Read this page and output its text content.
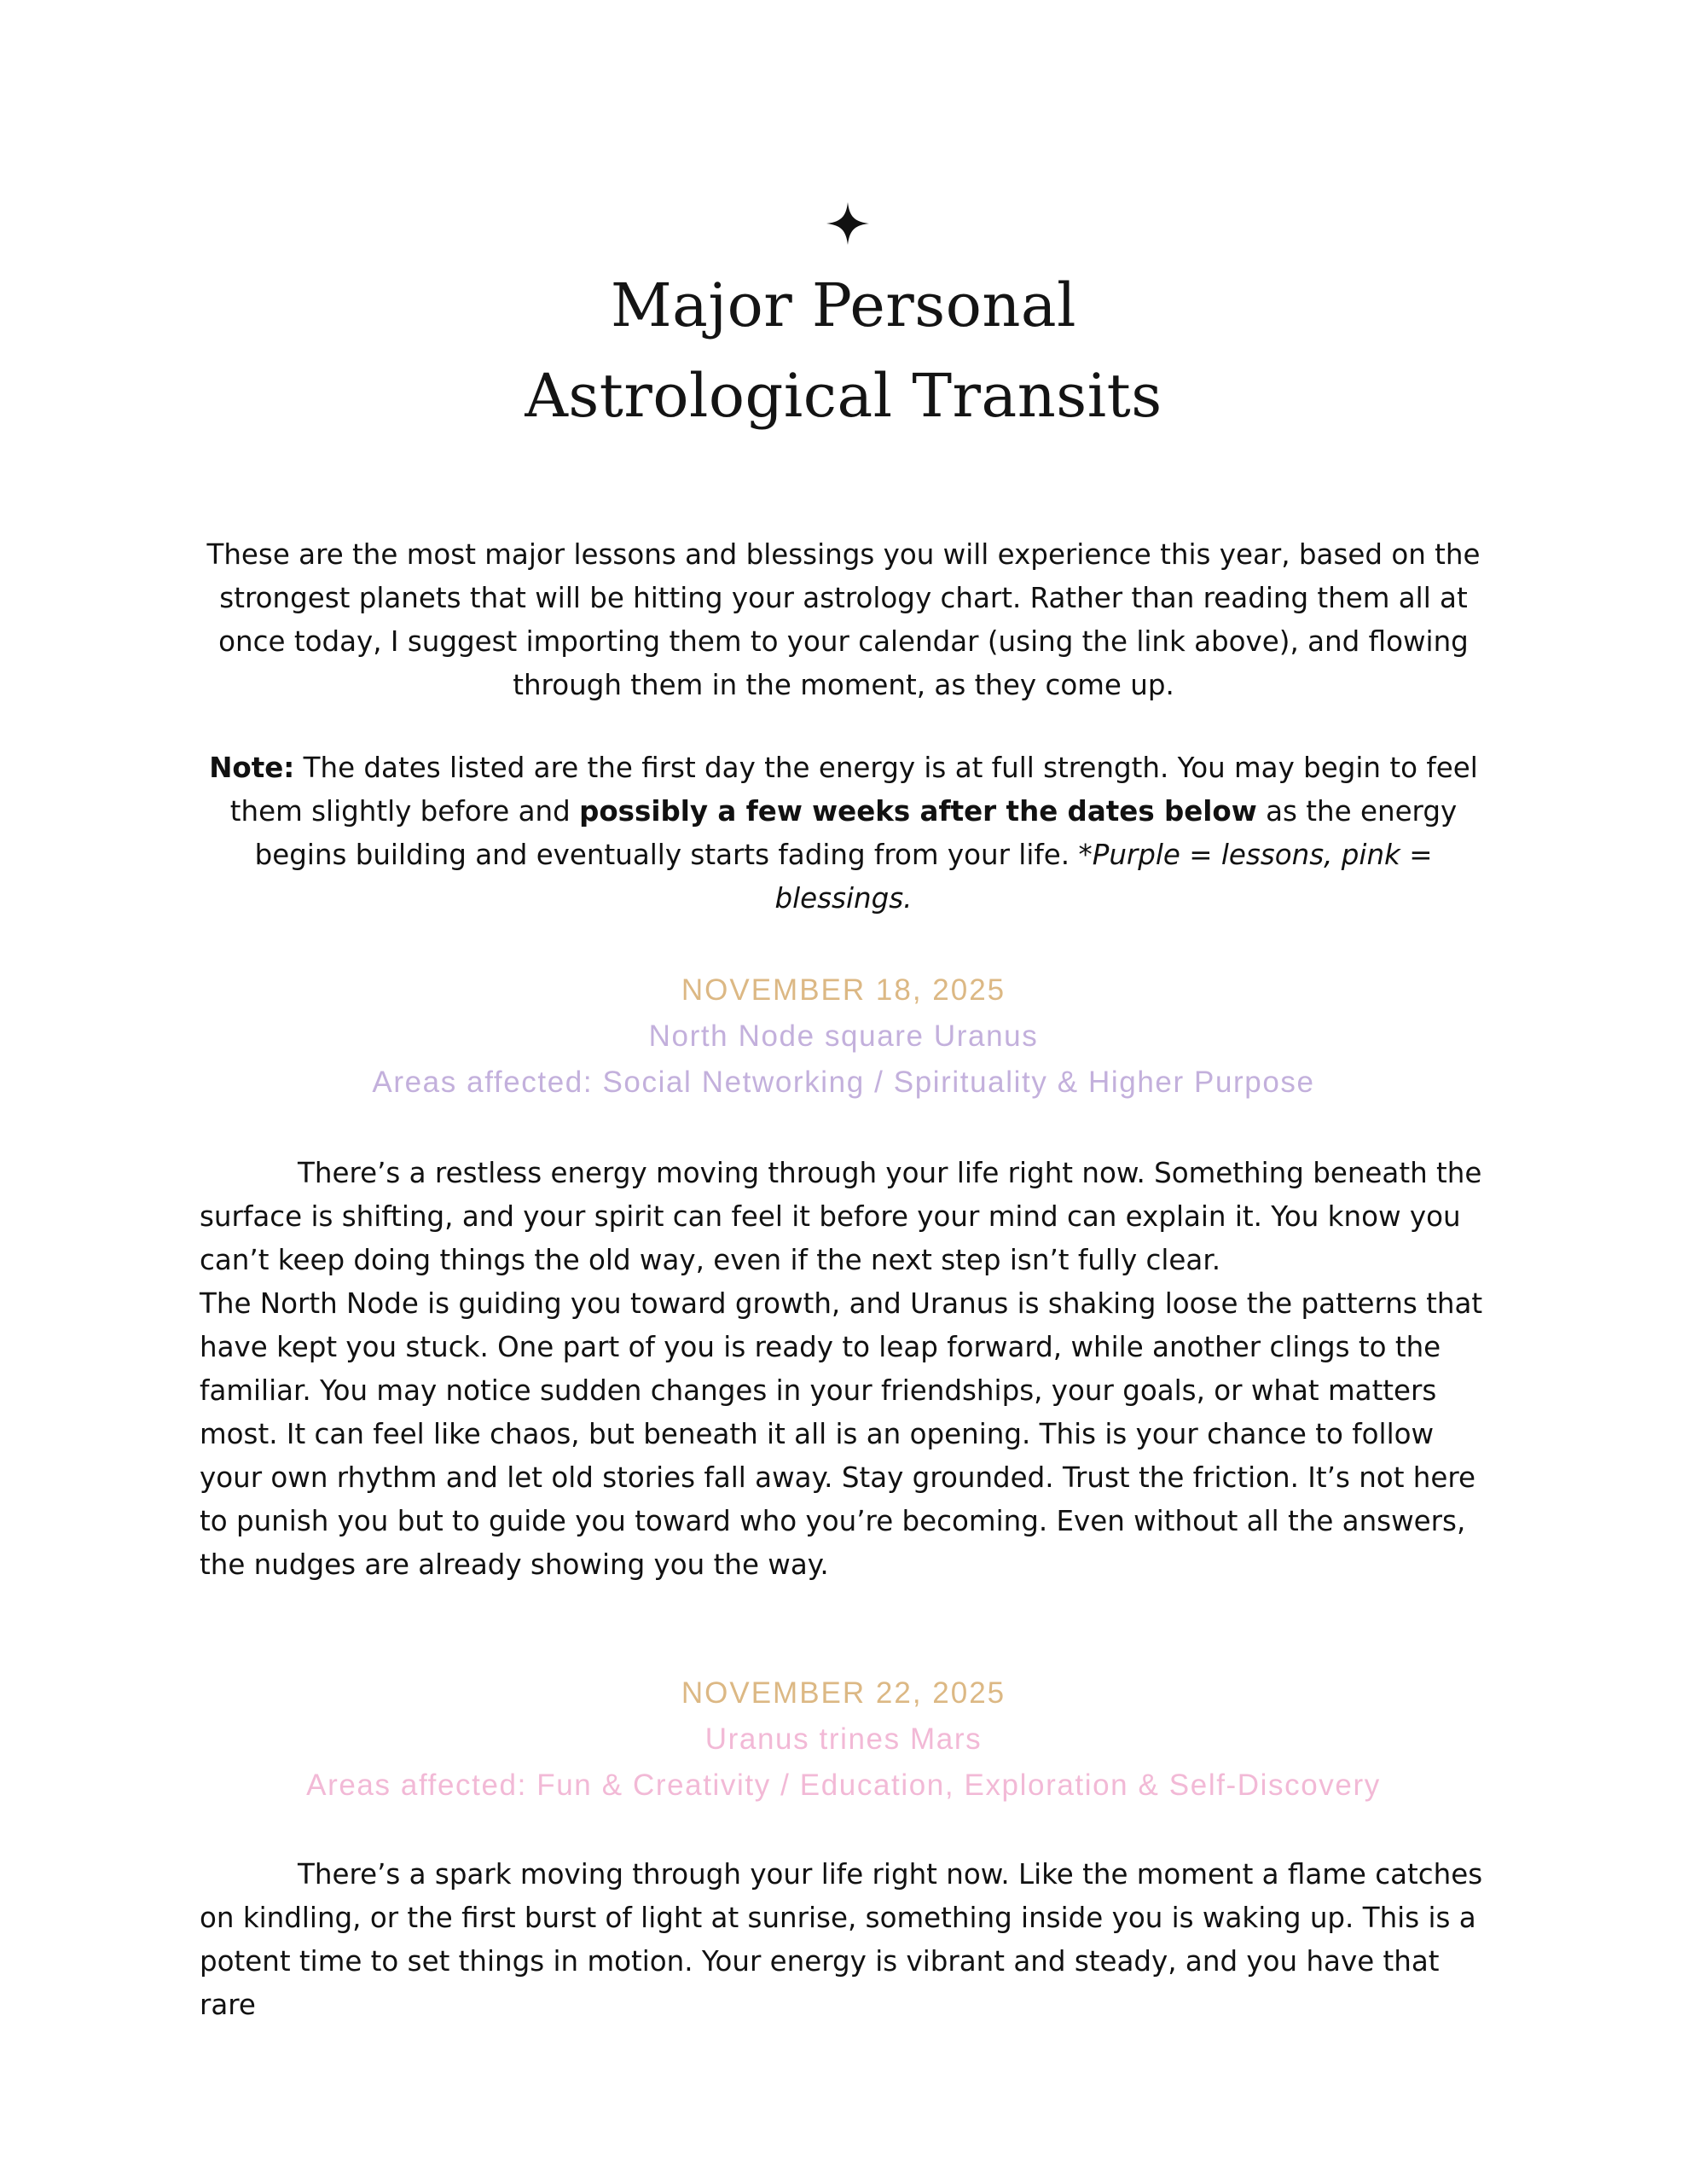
Major Personal
Astrological Transits

These are the most major lessons and blessings you will experience this year, based on the strongest planets that will be hitting your astrology chart. Rather than reading them all at once today, I suggest importing them to your calendar (using the link above), and flowing through them in the moment, as they come up.

Note: The dates listed are the first day the energy is at full strength. You may begin to feel them slightly before and possibly a few weeks after the dates below as the energy begins building and eventually starts fading from your life. *Purple = lessons, pink = blessings.

NOVEMBER 18, 2025
North Node square Uranus
Areas affected: Social Networking / Spirituality & Higher Purpose

There’s a restless energy moving through your life right now. Something beneath the surface is shifting, and your spirit can feel it before your mind can explain it. You know you can’t keep doing things the old way, even if the next step isn’t fully clear.

The North Node is guiding you toward growth, and Uranus is shaking loose the patterns that have kept you stuck. One part of you is ready to leap forward, while another clings to the familiar. You may notice sudden changes in your friendships, your goals, or what matters most. It can feel like chaos, but beneath it all is an opening. This is your chance to follow your own rhythm and let old stories fall away. Stay grounded. Trust the friction. It’s not here to punish you but to guide you toward who you’re becoming. Even without all the answers, the nudges are already showing you the way.

NOVEMBER 22, 2025
Uranus trines Mars
Areas affected: Fun & Creativity / Education, Exploration & Self-Discovery

There’s a spark moving through your life right now. Like the moment a flame catches on kindling, or the first burst of light at sunrise, something inside you is waking up. This is a potent time to set things in motion. Your energy is vibrant and steady, and you have that rare
